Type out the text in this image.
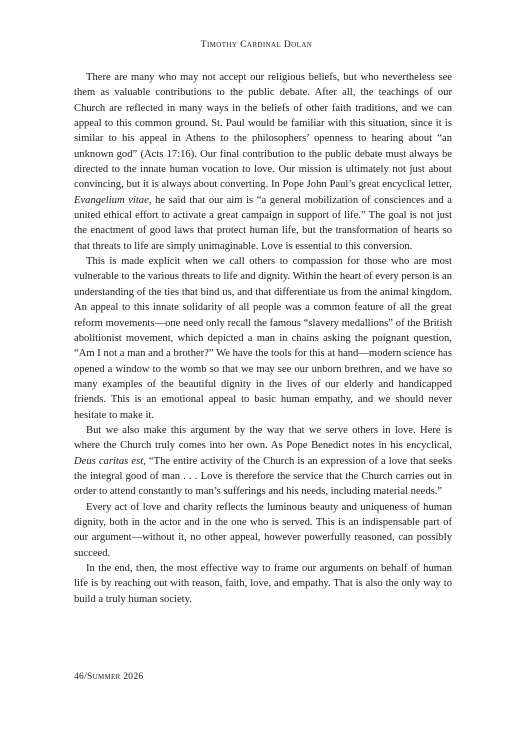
Timothy Cardinal Dolan

There are many who may not accept our religious beliefs, but who nevertheless see them as valuable contributions to the public debate. After all, the teachings of our Church are reflected in many ways in the beliefs of other faith traditions, and we can appeal to this common ground. St. Paul would be familiar with this situation, since it is similar to his appeal in Athens to the philosophers’ openness to hearing about “an unknown god” (Acts 17:16). Our final contribution to the public debate must always be directed to the innate human vocation to love. Our mission is ultimately not just about convincing, but it is always about converting. In Pope John Paul’s great encyclical letter, Evangelium vitae, he said that our aim is “a general mobilization of consciences and a united ethical effort to activate a great campaign in support of life.” The goal is not just the enactment of good laws that protect human life, but the transformation of hearts so that threats to life are simply unimaginable. Love is essential to this conversion.

This is made explicit when we call others to compassion for those who are most vulnerable to the various threats to life and dignity. Within the heart of every person is an understanding of the ties that bind us, and that differentiate us from the animal kingdom. An appeal to this innate solidarity of all people was a common feature of all the great reform movements—one need only recall the famous “slavery medallions” of the British abolitionist movement, which depicted a man in chains asking the poignant question, “Am I not a man and a brother?” We have the tools for this at hand—modern science has opened a window to the womb so that we may see our unborn brethren, and we have so many examples of the beautiful dignity in the lives of our elderly and handicapped friends. This is an emotional appeal to basic human empathy, and we should never hesitate to make it.

But we also make this argument by the way that we serve others in love. Here is where the Church truly comes into her own. As Pope Benedict notes in his encyclical, Deus caritas est, “The entire activity of the Church is an expression of a love that seeks the integral good of man . . . Love is therefore the service that the Church carries out in order to attend constantly to man’s sufferings and his needs, including material needs.”

Every act of love and charity reflects the luminous beauty and uniqueness of human dignity, both in the actor and in the one who is served. This is an indispensable part of our argument—without it, no other appeal, however powerfully reasoned, can possibly succeed.

In the end, then, the most effective way to frame our arguments on behalf of human life is by reaching out with reason, faith, love, and empathy. That is also the only way to build a truly human society.

46/Summer 2026
